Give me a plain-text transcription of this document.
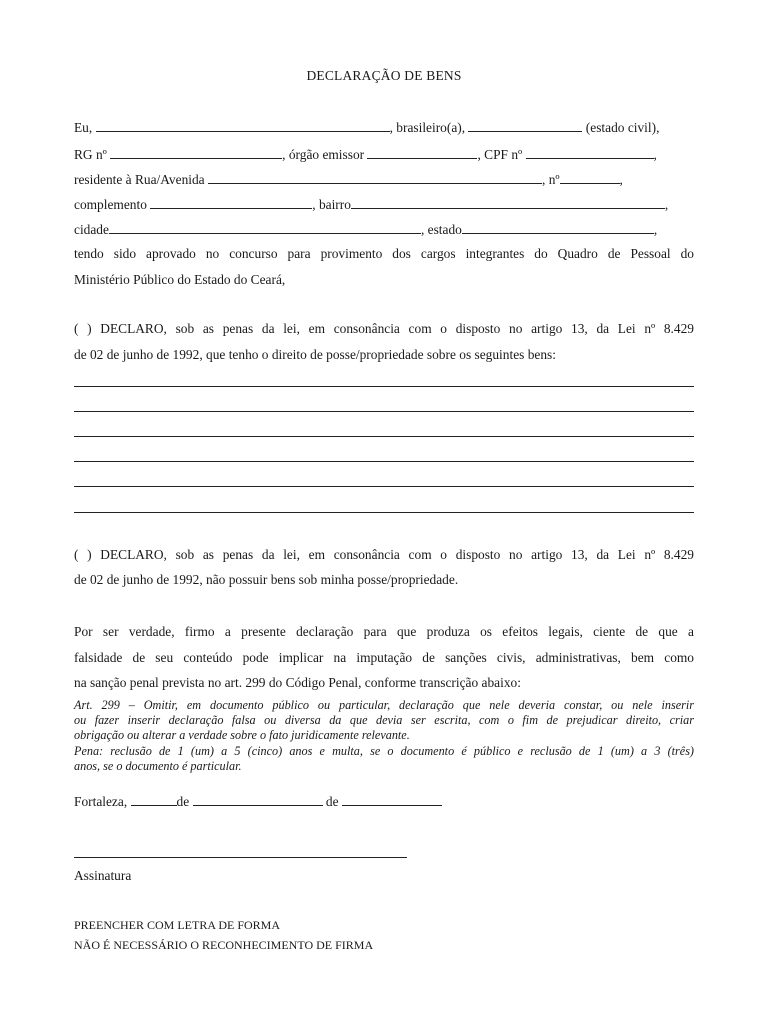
DECLARAÇÃO DE BENS
Eu,	, brasileiro(a),	(estado civil),
RG nº	, órgão emissor	, CPF nº	,
residente à Rua/Avenida	, nº	,
complemento	, bairro	,
cidade	, estado	,
tendo sido aprovado no concurso para provimento dos cargos integrantes do Quadro de Pessoal do
Ministério Público do Estado do Ceará,
( ) DECLARO, sob as penas da lei, em consonância com o disposto no artigo 13, da Lei nº 8.429
de 02 de junho de 1992, que tenho o direito de posse/propriedade sobre os seguintes bens:
( ) DECLARO, sob as penas da lei, em consonância com o disposto no artigo 13, da Lei nº 8.429
de 02 de junho de 1992, não possuir bens sob minha posse/propriedade.
Por ser verdade, firmo a presente declaração para que produza os efeitos legais, ciente de que a
falsidade de seu conteúdo pode implicar na imputação de sanções civis, administrativas, bem como
na sanção penal prevista no art. 299 do Código Penal, conforme transcrição abaixo:
Art. 299 – Omitir, em documento público ou particular, declaração que nele deveria constar, ou nele inserir
ou fazer inserir declaração falsa ou diversa da que devia ser escrita, com o fim de prejudicar direito, criar
obrigação ou alterar a verdade sobre o fato juridicamente relevante.
Pena: reclusão de 1 (um) a 5 (cinco) anos e multa, se o documento é público e reclusão de 1 (um) a 3 (três)
anos, se o documento é particular.
Fortaleza,	de	de
Assinatura
PREENCHER COM LETRA DE FORMA
NÃO É NECESSÁRIO O RECONHECIMENTO DE FIRMA
